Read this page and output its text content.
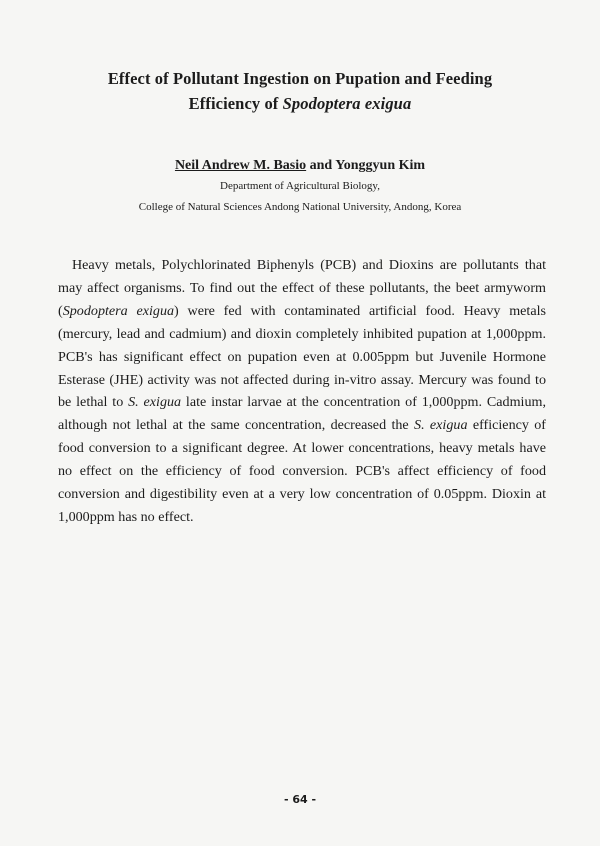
Effect of Pollutant Ingestion on Pupation and Feeding
Efficiency of Spodoptera exigua
Neil Andrew M. Basio and Yonggyun Kim
Department of Agricultural Biology,
College of Natural Sciences Andong National University, Andong, Korea

Heavy metals, Polychlorinated Biphenyls (PCB) and Dioxins are pollutants that may affect organisms. To find out the effect of these pollutants, the beet armyworm (Spodoptera exigua) were fed with contaminated artificial food. Heavy metals (mercury, lead and cadmium) and dioxin completely inhibited pupation at 1,000ppm. PCB's has significant effect on pupation even at 0.005ppm but Juvenile Hormone Esterase (JHE) activity was not affected during in-vitro assay. Mercury was found to be lethal to S. exigua late instar larvae at the concentration of 1,000ppm. Cadmium, although not lethal at the same concentration, decreased the S. exigua efficiency of food conversion to a significant degree. At lower concentrations, heavy metals have no effect on the efficiency of food conversion. PCB's affect efficiency of food conversion and digestibility even at a very low concentration of 0.05ppm. Dioxin at 1,000ppm has no effect.

- 64 -
